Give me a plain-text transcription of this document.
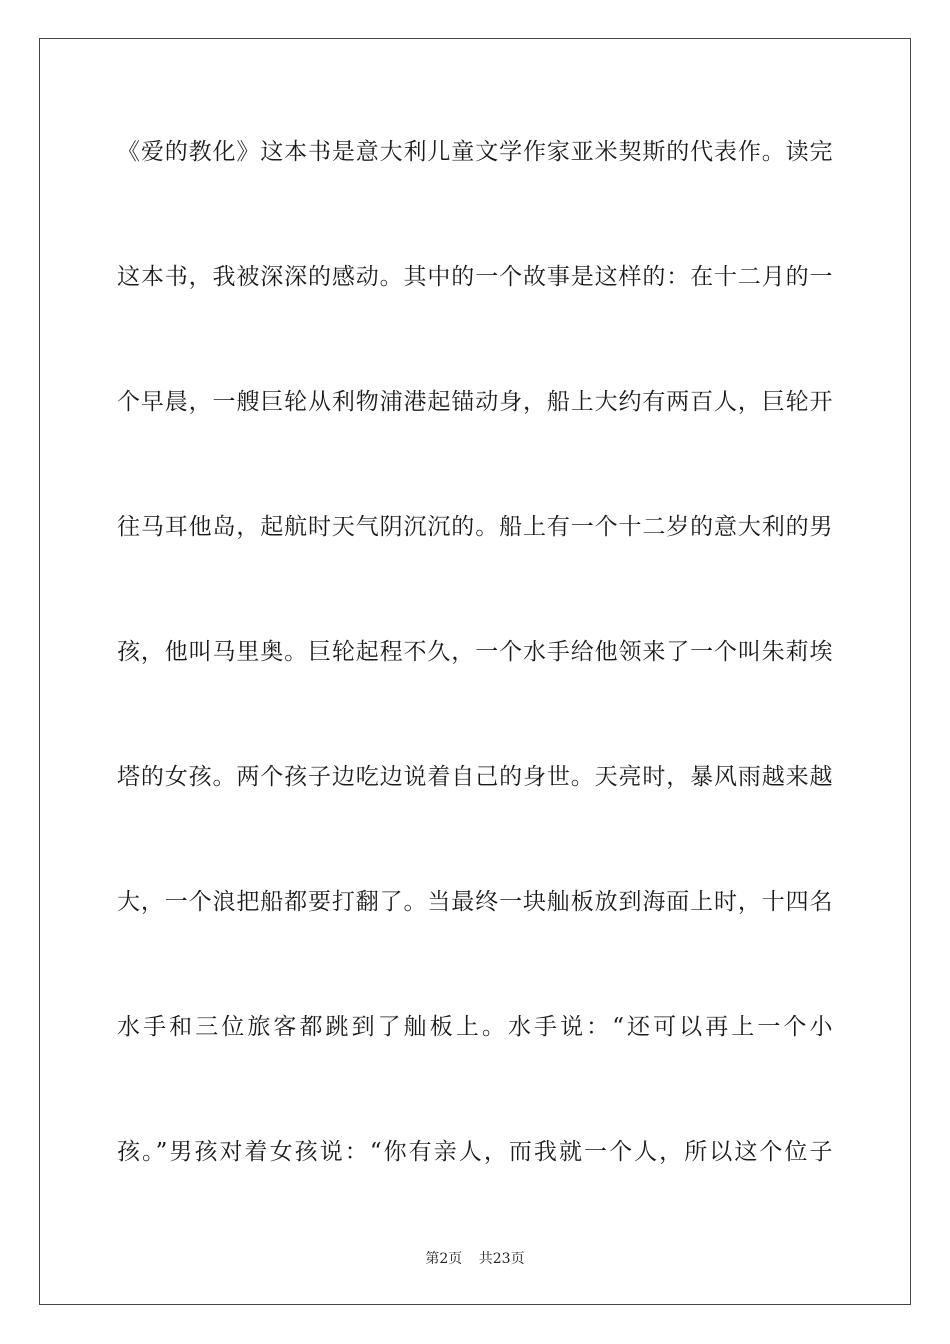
《爱的教化》这本书是意大利儿童文学作家亚米契斯的代表作。读完
这本书，我被深深的感动。其中的一个故事是这样的：在十二月的一
个早晨，一艘巨轮从利物浦港起锚动身，船上大约有两百人，巨轮开
往马耳他岛，起航时天气阴沉沉的。船上有一个十二岁的意大利的男
孩，他叫马里奥。巨轮起程不久，一个水手给他领来了一个叫朱莉埃
塔的女孩。两个孩子边吃边说着自己的身世。天亮时，暴风雨越来越
大，一个浪把船都要打翻了。当最终一块舢板放到海面上时，十四名
水手和三位旅客都跳到了舢板上。水手说：“还可以再上一个小
孩。”男孩对着女孩说：“你有亲人，而我就一个人，所以这个位子
第2页 共23页
